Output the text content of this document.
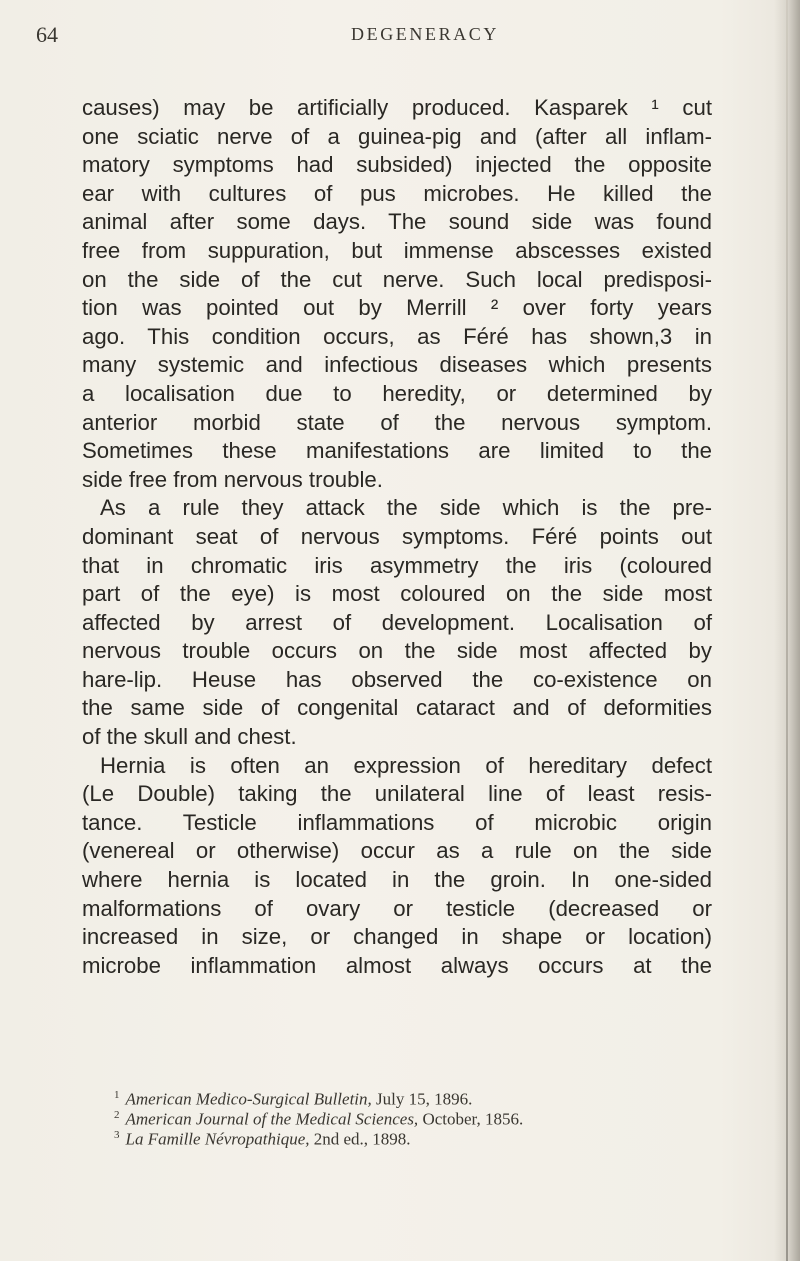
64	DEGENERACY
causes) may be artificially produced. Kasparek ¹ cut
one sciatic nerve of a guinea-pig and (after all inflam-
matory symptoms had subsided) injected the opposite
ear with cultures of pus microbes. He killed the
animal after some days. The sound side was found
free from suppuration, but immense abscesses existed
on the side of the cut nerve. Such local predisposi-
tion was pointed out by Merrill ² over forty years
ago. This condition occurs, as Féré has shown,3 in
many systemic and infectious diseases which presents
a localisation due to heredity, or determined by
anterior morbid state of the nervous symptom.
Sometimes these manifestations are limited to the
side free from nervous trouble.
As a rule they attack the side which is the pre-
dominant seat of nervous symptoms. Féré points out
that in chromatic iris asymmetry the iris (coloured
part of the eye) is most coloured on the side most
affected by arrest of development. Localisation of
nervous trouble occurs on the side most affected by
hare-lip. Heuse has observed the co-existence on
the same side of congenital cataract and of deformities
of the skull and chest.
Hernia is often an expression of hereditary defect
(Le Double) taking the unilateral line of least resis-
tance. Testicle inflammations of microbic origin
(venereal or otherwise) occur as a rule on the side
where hernia is located in the groin. In one-sided
malformations of ovary or testicle (decreased or
increased in size, or changed in shape or location)
microbe inflammation almost always occurs at the
$^1$ American Medico-Surgical Bulletin, July 15, 1896.
$^2$ American Journal of the Medical Sciences, October, 1856.
$^3$ La Famille Névropathique, 2nd ed., 1898.
